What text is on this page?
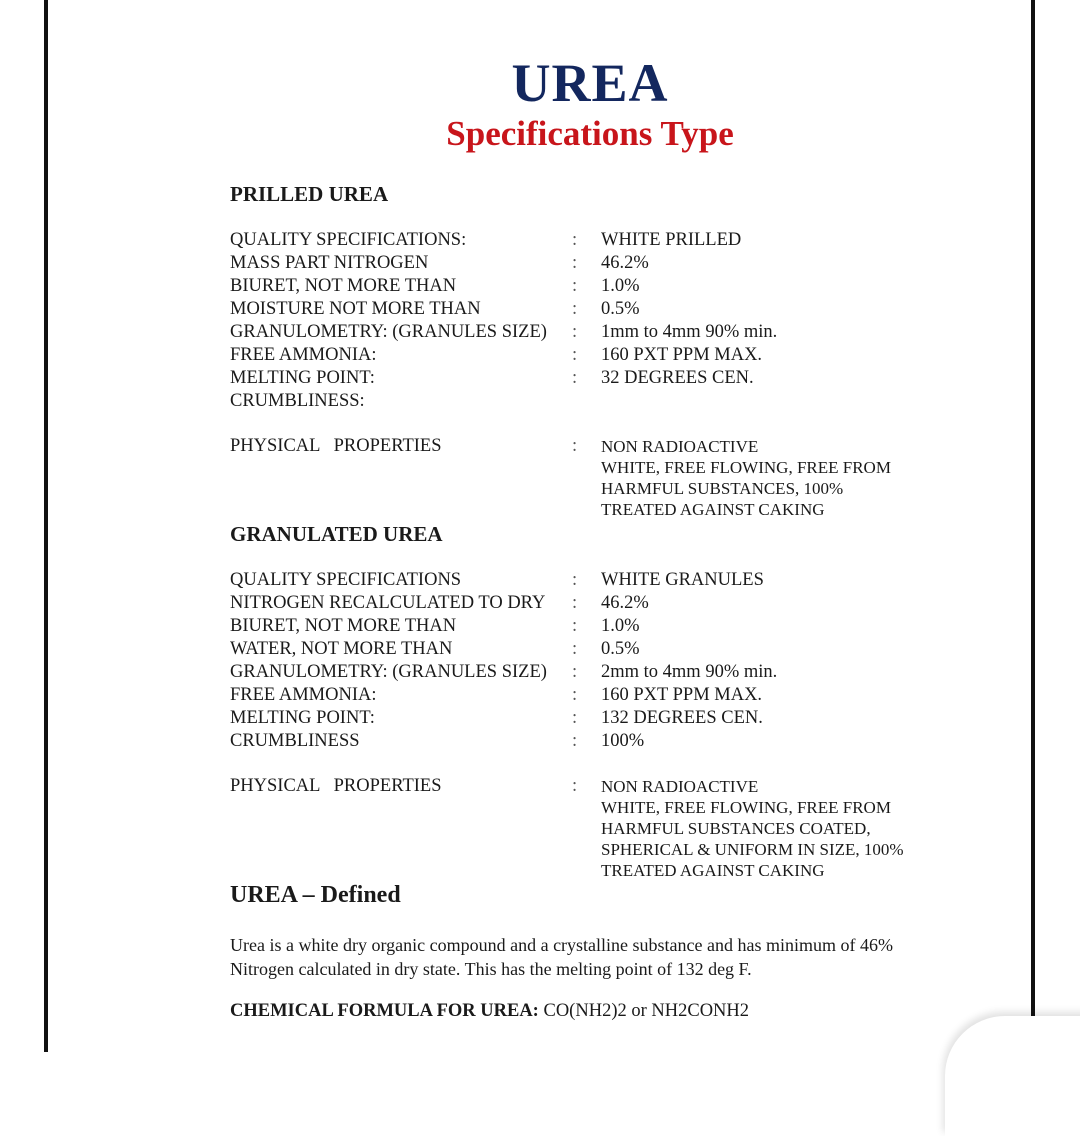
UREA
Specifications Type
PRILLED UREA
QUALITY SPECIFICATIONS:	: WHITE PRILLED
MASS PART NITROGEN	: 46.2%
BIURET, NOT MORE THAN	: 1.0%
MOISTURE NOT MORE THAN	: 0.5%
GRANULOMETRY: (GRANULES SIZE) : 1mm to 4mm 90% min.
FREE AMMONIA:	: 160 PXT PPM MAX.
MELTING POINT:	: 32 DEGREES CEN.
CRUMBLINESS:
PHYSICAL   PROPERTIES	: NON RADIOACTIVE
WHITE, FREE FLOWING, FREE FROM
HARMFUL SUBSTANCES, 100%
TREATED AGAINST CAKING
GRANULATED UREA
QUALITY SPECIFICATIONS	: WHITE GRANULES
NITROGEN RECALCULATED TO DRY : 46.2%
BIURET, NOT MORE THAN	: 1.0%
WATER, NOT MORE THAN	: 0.5%
GRANULOMETRY: (GRANULES SIZE) : 2mm to 4mm 90% min.
FREE AMMONIA:	: 160 PXT PPM MAX.
MELTING POINT:	: 132 DEGREES CEN.
CRUMBLINESS	: 100%
PHYSICAL   PROPERTIES	: NON RADIOACTIVE
WHITE, FREE FLOWING, FREE FROM
HARMFUL SUBSTANCES COATED,
SPHERICAL & UNIFORM IN SIZE, 100%
TREATED AGAINST CAKING
UREA – Defined
Urea is a white dry organic compound and a crystalline substance and has minimum of 46%
Nitrogen calculated in dry state. This has the melting point of 132 deg F.
CHEMICAL FORMULA FOR UREA: CO(NH2)2 or NH2CONH2
